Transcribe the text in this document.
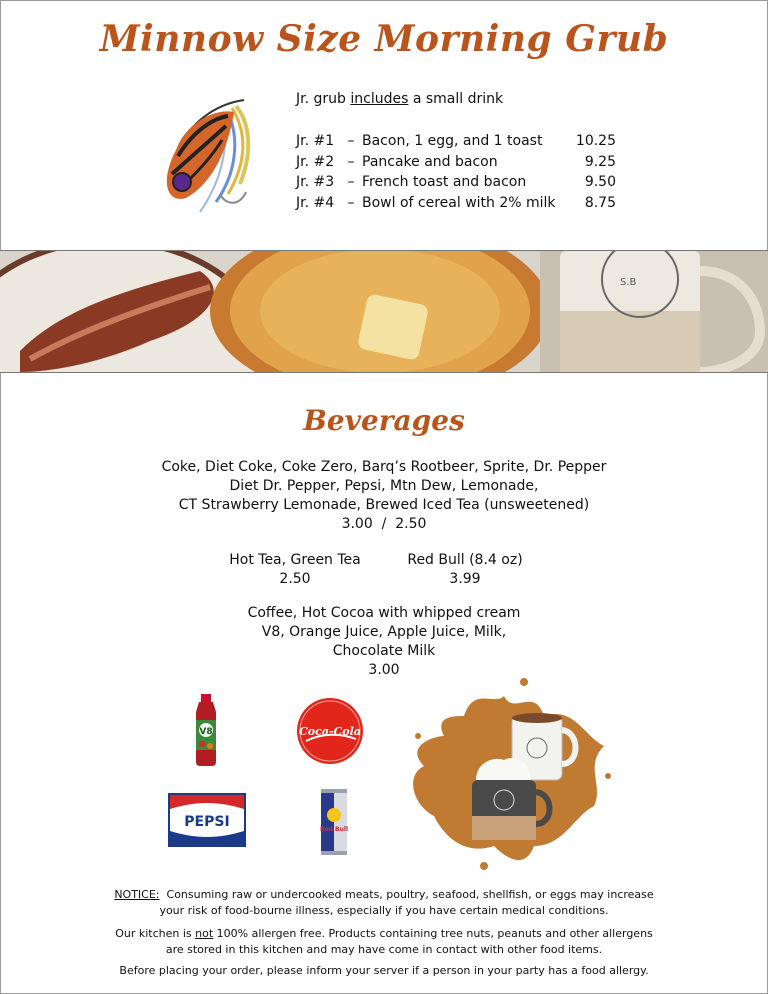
Minnow Size Morning Grub
Jr. grub includes a small drink
Jr. #1 – Bacon, 1 egg, and 1 toast	10.25
Jr. #2 – Pancake and bacon	9.25
Jr. #3 – French toast and bacon	9.50
Jr. #4 – Bowl of cereal with 2% milk	8.75
S.B
Beverages
Coke, Diet Coke, Coke Zero, Barq’s Rootbeer, Sprite, Dr. Pepper
Diet Dr. Pepper, Pepsi, Mtn Dew, Lemonade,
CT Strawberry Lemonade, Brewed Iced Tea (unsweetened)
3.00  /  2.50
Hot Tea, Green Tea
2.50
Red Bull (8.4 oz)
3.99
Coffee, Hot Cocoa with whipped cream
V8, Orange Juice, Apple Juice, Milk,
Chocolate Milk
3.00
V8	Coca-Cola
PEPSI	Red Bull
NOTICE:  Consuming raw or undercooked meats, poultry, seafood, shellfish, or eggs may increase your risk of food-bourne illness, especially if you have certain medical conditions.
Our kitchen is not 100% allergen free. Products containing tree nuts, peanuts and other allergens are stored in this kitchen and may have come in contact with other food items.
Before placing your order, please inform your server if a person in your party has a food allergy.
